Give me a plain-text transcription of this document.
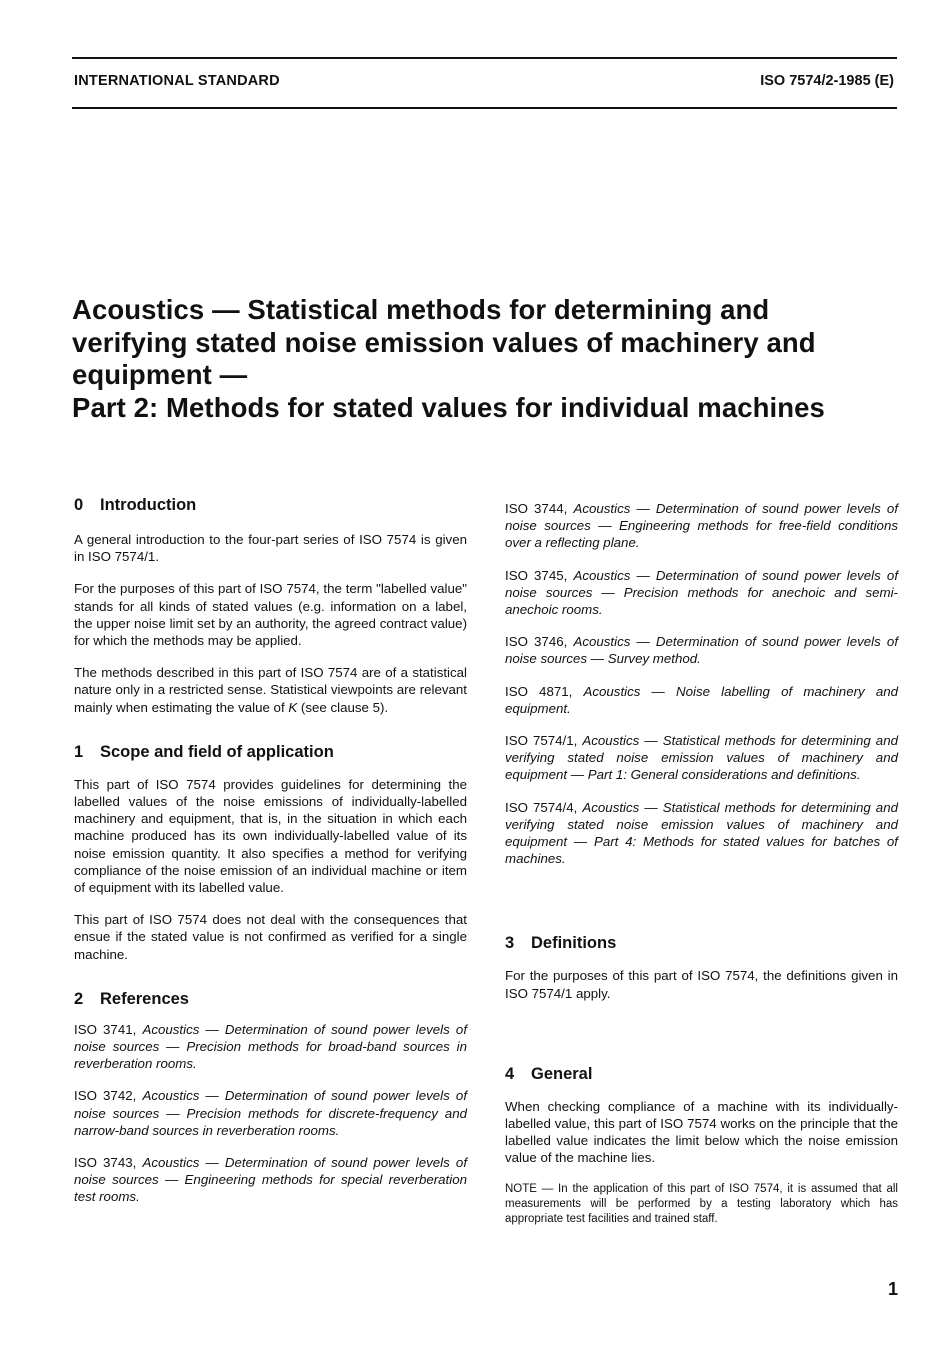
INTERNATIONAL STANDARD	ISO 7574/2-1985 (E)
Acoustics — Statistical methods for determining and
verifying stated noise emission values of machinery and
equipment —
Part 2: Methods for stated values for individual machines
0 Introduction

A general introduction to the four-part series of ISO 7574 is given in ISO 7574/1.

For the purposes of this part of ISO 7574, the term "labelled value" stands for all kinds of stated values (e.g. information on a label, the upper noise limit set by an authority, the agreed contract value) for which the methods may be applied.

The methods described in this part of ISO 7574 are of a statistical nature only in a restricted sense. Statistical viewpoints are relevant mainly when estimating the value of K (see clause 5).

1 Scope and field of application

This part of ISO 7574 provides guidelines for determining the labelled values of the noise emissions of individually-labelled machinery and equipment, that is, in the situation in which each machine produced has its own individually-labelled value of its noise emission quantity. It also specifies a method for verifying compliance of the noise emission of an individual machine or item of equipment with its labelled value.

This part of ISO 7574 does not deal with the consequences that ensue if the stated value is not confirmed as verified for a single machine.

2 References

ISO 3741, Acoustics — Determination of sound power levels of noise sources — Precision methods for broad-band sources in reverberation rooms.

ISO 3742, Acoustics — Determination of sound power levels of noise sources — Precision methods for discrete-frequency and narrow-band sources in reverberation rooms.

ISO 3743, Acoustics — Determination of sound power levels of noise sources — Engineering methods for special reverberation test rooms.

ISO 3744, Acoustics — Determination of sound power levels of noise sources — Engineering methods for free-field conditions over a reflecting plane.

ISO 3745, Acoustics — Determination of sound power levels of noise sources — Precision methods for anechoic and semi-anechoic rooms.

ISO 3746, Acoustics — Determination of sound power levels of noise sources — Survey method.

ISO 4871, Acoustics — Noise labelling of machinery and equipment.

ISO 7574/1, Acoustics — Statistical methods for determining and verifying stated noise emission values of machinery and equipment — Part 1: General considerations and definitions.

ISO 7574/4, Acoustics — Statistical methods for determining and verifying stated noise emission values of machinery and equipment — Part 4: Methods for stated values for batches of machines.

3 Definitions

For the purposes of this part of ISO 7574, the definitions given in ISO 7574/1 apply.

4 General

When checking compliance of a machine with its individually-labelled value, this part of ISO 7574 works on the principle that the labelled value indicates the limit below which the noise emission value of the machine lies.

NOTE — In the application of this part of ISO 7574, it is assumed that all measurements will be performed by a testing laboratory which has appropriate test facilities and trained staff.

1
